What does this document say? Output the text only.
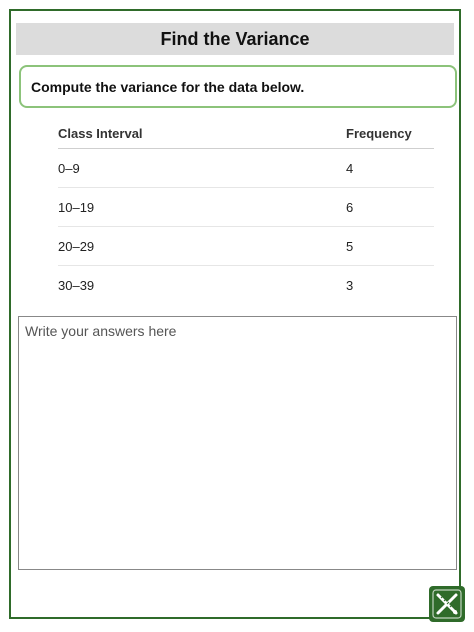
Find the Variance
Compute the variance for the data below.
Class Interval	Frequency
0–9	4
10–19	6
20–29	5
30–39	3
Write your answers here
